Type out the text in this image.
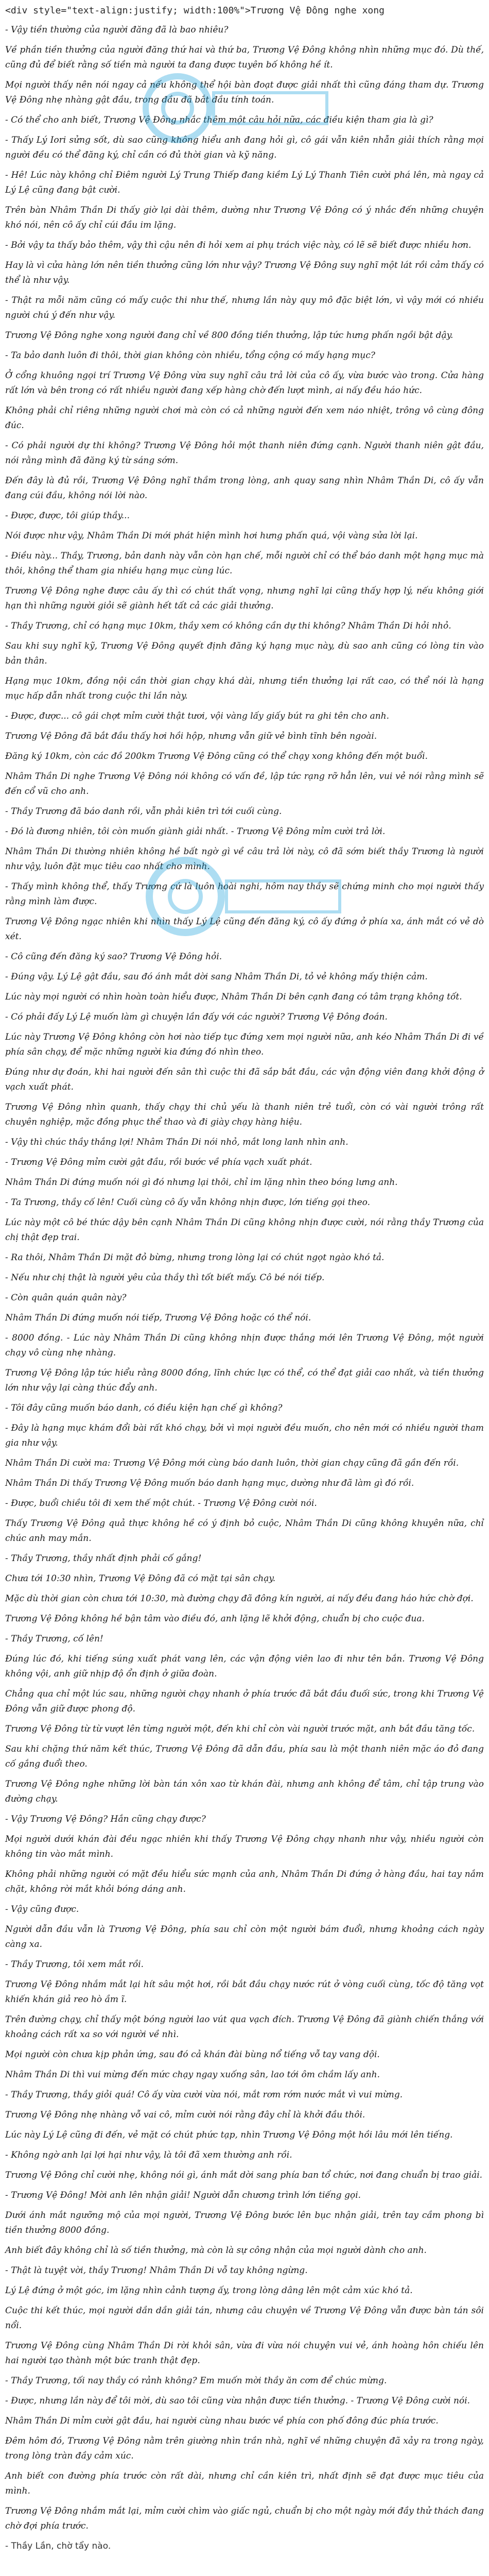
<div style="text-align:justify; width:100%">Trương Vệ Đông nghe xong

- Vậy tiền thường của người đăng đã là bao nhiêu?

Về phần tiền thưởng của người đăng thứ hai và thứ ba, Trương Vệ Đông không nhìn những mục đó. Dù thế, cũng đủ để biết rằng số tiền mà người ta đang được tuyên bố không hề ít.

Mọi người thấy nên nói ngay cả nếu không thể hội bàn đoạt được giải nhất thì cũng đáng tham dự. Trương Vệ Đông nhẹ nhàng gật đầu, trong đầu đã bắt đầu tính toán.

- Có thể cho anh biết, Trương Vệ Đông nhắc thêm một câu hỏi nữa, các điều kiện tham gia là gì?

- Thấy Lý Iori sửng sốt, dù sao cũng không hiểu anh đang hỏi gì, cô gái vẫn kiên nhẫn giải thích rằng mọi người đều có thể đăng ký, chỉ cần có đủ thời gian và kỹ năng.

- Hê! Lúc này không chỉ Điêm người Lý Trung Thiếp đang kiềm Lý Lý Thanh Tiên cười phá lên, mà ngay cả Lý Lệ cũng đang bật cười.

Trên bàn Nhâm Thần Di thấy giờ lại dài thêm, dường như Trương Vệ Đông có ý nhắc đến những chuyện khó nói, nên cô ấy chỉ cúi đầu im lặng.

- Bởi vậy ta thấy bảo thêm, vậy thì cậu nên đi hỏi xem ai phụ trách việc này, có lẽ sẽ biết được nhiều hơn.

Hay là vì cửa hàng lớn nên tiền thưởng cũng lớn như vậy? Trương Vệ Đông suy nghĩ một lát rồi cảm thấy có thể là như vậy.

- Thật ra mỗi năm cũng có mấy cuộc thi như thế, nhưng lần này quy mô đặc biệt lớn, vì vậy mới có nhiều người chú ý đến như vậy.

Trương Vệ Đông nghe xong người đang chỉ về 800 đồng tiền thưởng, lập tức hưng phấn ngồi bật dậy.

- Ta bảo danh luôn đi thôi, thời gian không còn nhiều, tổng cộng có mấy hạng mục?

Ở cổng khuông ngọi trí Trương Vệ Đông vừa suy nghĩ câu trả lời của cô ấy, vừa bước vào trong. Cửa hàng rất lớn và bên trong có rất nhiều người đang xếp hàng chờ đến lượt mình, ai nấy đều háo hức.

Không phải chỉ riêng những người chơi mà còn có cả những người đến xem náo nhiệt, trông vô cùng đông đúc.

- Có phải người dự thi không? Trương Vệ Đông hỏi một thanh niên đứng cạnh. Người thanh niên gật đầu, nói rằng mình đã đăng ký từ sáng sớm.

Đến đây là đủ rồi, Trương Vệ Đông nghĩ thầm trong lòng, anh quay sang nhìn Nhâm Thần Di, cô ấy vẫn đang cúi đầu, không nói lời nào.

- Được, được, tôi giúp thầy...

Nói được như vậy, Nhâm Thần Di mới phát hiện mình hơi hưng phấn quá, vội vàng sửa lời lại.

- Điều này... Thầy, Trương, bản danh này vẫn còn hạn chế, mỗi người chỉ có thể báo danh một hạng mục mà thôi, không thể tham gia nhiều hạng mục cùng lúc.

Trương Vệ Đông nghe được câu ấy thì có chút thất vọng, nhưng nghĩ lại cũng thấy hợp lý, nếu không giới hạn thì những người giỏi sẽ giành hết tất cả các giải thưởng.

- Thầy Trương, chỉ có hạng mục 10km, thầy xem có không cần dự thi không? Nhâm Thần Di hỏi nhỏ.

Sau khi suy nghĩ kỹ, Trương Vệ Đông quyết định đăng ký hạng mục này, dù sao anh cũng có lòng tin vào bản thân.

Hạng mục 10km, đồng nội cần thời gian chạy khá dài, nhưng tiền thưởng lại rất cao, có thể nói là hạng mục hấp dẫn nhất trong cuộc thi lần này.

- Được, được... cô gái chợt mỉm cười thật tươi, vội vàng lấy giấy bút ra ghi tên cho anh.

Trương Vệ Đông đã bắt đầu thấy hơi hồi hộp, nhưng vẫn giữ vẻ bình tĩnh bên ngoài.

Đăng ký 10km, còn các đồ 200km Trương Vệ Đông cũng có thể chạy xong không đến một buổi.

Nhâm Thần Di nghe Trương Vệ Đông nói không có vấn đề, lập tức rạng rỡ hẳn lên, vui vẻ nói rằng mình sẽ đến cổ vũ cho anh.

- Thầy Trương đã báo danh rồi, vẫn phải kiên trì tới cuối cùng.

- Đó là đương nhiên, tôi còn muốn giành giải nhất. - Trương Vệ Đông mỉm cười trả lời.

Nhâm Thần Di thường nhiên không hề bất ngờ gì về câu trả lời này, cô đã sớm biết thầy Trương là người như vậy, luôn đặt mục tiêu cao nhất cho mình.

- Thấy mình không thể, thấy Trương cứ là luôn hoài nghi, hôm nay thầy sẽ chứng minh cho mọi người thấy rằng mình làm được.

Trương Vệ Đông ngạc nhiên khi nhìn thấy Lý Lệ cũng đến đăng ký, cô ấy đứng ở phía xa, ánh mắt có vẻ dò xét.

- Cô cũng đến đăng ký sao? Trương Vệ Đông hỏi.

- Đúng vậy. Lý Lệ gật đầu, sau đó ánh mắt dời sang Nhâm Thần Di, tỏ vẻ không mấy thiện cảm.

Lúc này mọi người có nhìn hoàn toàn hiểu được, Nhâm Thần Di bên cạnh đang có tâm trạng không tốt.

- Có phải đấy Lý Lệ muốn làm gì chuyện lần đấy với các người? Trương Vệ Đông đoán.

Lúc này Trương Vệ Đông không còn hơi nào tiếp tục đứng xem mọi người nữa, anh kéo Nhâm Thần Di đi về phía sân chạy, để mặc những người kia đứng đó nhìn theo.

Đúng như dự đoán, khi hai người đến sân thì cuộc thi đã sắp bắt đầu, các vận động viên đang khởi động ở vạch xuất phát.

Trương Vệ Đông nhìn quanh, thấy chạy thi chủ yếu là thanh niên trẻ tuổi, còn có vài người trông rất chuyên nghiệp, mặc đồng phục thể thao và đi giày chạy hàng hiệu.

- Vậy thì chúc thầy thắng lợi! Nhâm Thần Di nói nhỏ, mắt long lanh nhìn anh.

- Trương Vệ Đông mỉm cười gật đầu, rồi bước về phía vạch xuất phát.

Nhâm Thần Di đứng muốn nói gì đó nhưng lại thôi, chỉ im lặng nhìn theo bóng lưng anh.

- Ta Trương, thầy cố lên! Cuối cùng cô ấy vẫn không nhịn được, lớn tiếng gọi theo.

Lúc này một cô bé thức dậy bên cạnh Nhâm Thần Di cũng không nhịn được cười, nói rằng thầy Trương của chị thật đẹp trai.

- Ra thôi, Nhâm Thần Di mặt đỏ bừng, nhưng trong lòng lại có chút ngọt ngào khó tả.

- Nếu như chị thật là người yêu của thầy thì tốt biết mấy. Cô bé nói tiếp.

- Còn quân quán quân này?

Nhâm Thần Di đứng muốn nói tiếp, Trương Vệ Đông hoặc có thể nói.

- 8000 đồng. - Lúc này Nhâm Thần Di cũng không nhịn được thắng mới lên Trương Vệ Đông, một người chạy vô cùng nhẹ nhàng.

Trương Vệ Đông lập tức hiểu rằng 8000 đồng, lĩnh chức lực có thể, có thể đạt giải cao nhất, và tiền thưởng lớn như vậy lại càng thúc đẩy anh.

- Tôi đây cũng muốn báo danh, có điều kiện hạn chế gì không?

- Đây là hạng mục khám đổi bài rất khó chạy, bởi vì mọi người đều muốn, cho nên mới có nhiều người tham gia như vậy.

Nhâm Thần Di cười ma: Trương Vệ Đông mới cùng báo danh luôn, thời gian chạy cũng đã gần đến rồi.

Nhâm Thần Di thấy Trương Vệ Đông muốn báo danh hạng mục, dường như đã làm gì đó rồi.

- Được, buổi chiều tôi đi xem thế một chút. - Trương Vệ Đông cười nói.

Thấy Trương Vệ Đông quả thực không hề có ý định bỏ cuộc, Nhâm Thần Di cũng không khuyên nữa, chỉ chúc anh may mắn.

- Thầy Trương, thầy nhất định phải cố gắng!

Chưa tới 10:30 nhìn, Trương Vệ Đông đã có mặt tại sân chạy.

Mặc dù thời gian còn chưa tới 10:30, mà đường chạy đã đông kín người, ai nấy đều đang háo hức chờ đợi.

Trương Vệ Đông không hề bận tâm vào điều đó, anh lặng lẽ khởi động, chuẩn bị cho cuộc đua.

- Thầy Trương, cố lên!

Đúng lúc đó, khi tiếng súng xuất phát vang lên, các vận động viên lao đi như tên bắn. Trương Vệ Đông không vội, anh giữ nhịp độ ổn định ở giữa đoàn.

Chẳng qua chỉ một lúc sau, những người chạy nhanh ở phía trước đã bắt đầu đuối sức, trong khi Trương Vệ Đông vẫn giữ được phong độ.

Trương Vệ Đông từ từ vượt lên từng người một, đến khi chỉ còn vài người trước mặt, anh bắt đầu tăng tốc.

Sau khi chặng thứ năm kết thúc, Trương Vệ Đông đã dẫn đầu, phía sau là một thanh niên mặc áo đỏ đang cố gắng đuổi theo.

Trương Vệ Đông nghe những lời bàn tán xôn xao từ khán đài, nhưng anh không để tâm, chỉ tập trung vào đường chạy.

- Vậy Trương Vệ Đông? Hắn cũng chạy được?

Mọi người dưới khán đài đều ngạc nhiên khi thấy Trương Vệ Đông chạy nhanh như vậy, nhiều người còn không tin vào mắt mình.

Không phải những người có mặt đều hiểu sức mạnh của anh, Nhâm Thần Di đứng ở hàng đầu, hai tay nắm chặt, không rời mắt khỏi bóng dáng anh.

- Vậy cũng được.

Người dẫn đầu vẫn là Trương Vệ Đông, phía sau chỉ còn một người bám đuổi, nhưng khoảng cách ngày càng xa.

- Thầy Trương, tôi xem mắt rồi.

Trương Vệ Đông nhắm mắt lại hít sâu một hơi, rồi bắt đầu chạy nước rút ở vòng cuối cùng, tốc độ tăng vọt khiến khán giả reo hò ầm ĩ.

Trên đường chạy, chỉ thấy một bóng người lao vút qua vạch đích. Trương Vệ Đông đã giành chiến thắng với khoảng cách rất xa so với người về nhì.

Mọi người còn chưa kịp phản ứng, sau đó cả khán đài bùng nổ tiếng vỗ tay vang dội.

Nhâm Thần Di thì vui mừng đến mức chạy ngay xuống sân, lao tới ôm chầm lấy anh.

- Thầy Trương, thầy giỏi quá! Cô ấy vừa cười vừa nói, mắt rơm rớm nước mắt vì vui mừng.

Trương Vệ Đông nhẹ nhàng vỗ vai cô, mỉm cười nói rằng đây chỉ là khởi đầu thôi.

Lúc này Lý Lệ cũng đi đến, vẻ mặt có chút phức tạp, nhìn Trương Vệ Đông một hồi lâu mới lên tiếng.

- Không ngờ anh lại lợi hại như vậy, là tôi đã xem thường anh rồi.

Trương Vệ Đông chỉ cười nhẹ, không nói gì, ánh mắt dời sang phía ban tổ chức, nơi đang chuẩn bị trao giải.

- Trương Vệ Đông! Mời anh lên nhận giải! Người dẫn chương trình lớn tiếng gọi.

Dưới ánh mắt ngưỡng mộ của mọi người, Trương Vệ Đông bước lên bục nhận giải, trên tay cầm phong bì tiền thưởng 8000 đồng.

Anh biết đây không chỉ là số tiền thưởng, mà còn là sự công nhận của mọi người dành cho anh.

- Thật là tuyệt vời, thầy Trương! Nhâm Thần Di vỗ tay không ngừng.

Lý Lệ đứng ở một góc, im lặng nhìn cảnh tượng ấy, trong lòng dâng lên một cảm xúc khó tả.

Cuộc thi kết thúc, mọi người dần dần giải tán, nhưng câu chuyện về Trương Vệ Đông vẫn được bàn tán sôi nổi.

Trương Vệ Đông cùng Nhâm Thần Di rời khỏi sân, vừa đi vừa nói chuyện vui vẻ, ánh hoàng hôn chiếu lên hai người tạo thành một bức tranh thật đẹp.

- Thầy Trương, tối nay thầy có rảnh không? Em muốn mời thầy ăn cơm để chúc mừng.

- Được, nhưng lần này để tôi mời, dù sao tôi cũng vừa nhận được tiền thưởng. - Trương Vệ Đông cười nói.

Nhâm Thần Di mỉm cười gật đầu, hai người cùng nhau bước về phía con phố đông đúc phía trước.

Đêm hôm đó, Trương Vệ Đông nằm trên giường nhìn trần nhà, nghĩ về những chuyện đã xảy ra trong ngày, trong lòng tràn đầy cảm xúc.

Anh biết con đường phía trước còn rất dài, nhưng chỉ cần kiên trì, nhất định sẽ đạt được mục tiêu của mình.

Trương Vệ Đông nhắm mắt lại, mỉm cười chìm vào giấc ngủ, chuẩn bị cho một ngày mới đầy thử thách đang chờ đợi phía trước.

- Thầy Lần, chờ tẩy nào.
